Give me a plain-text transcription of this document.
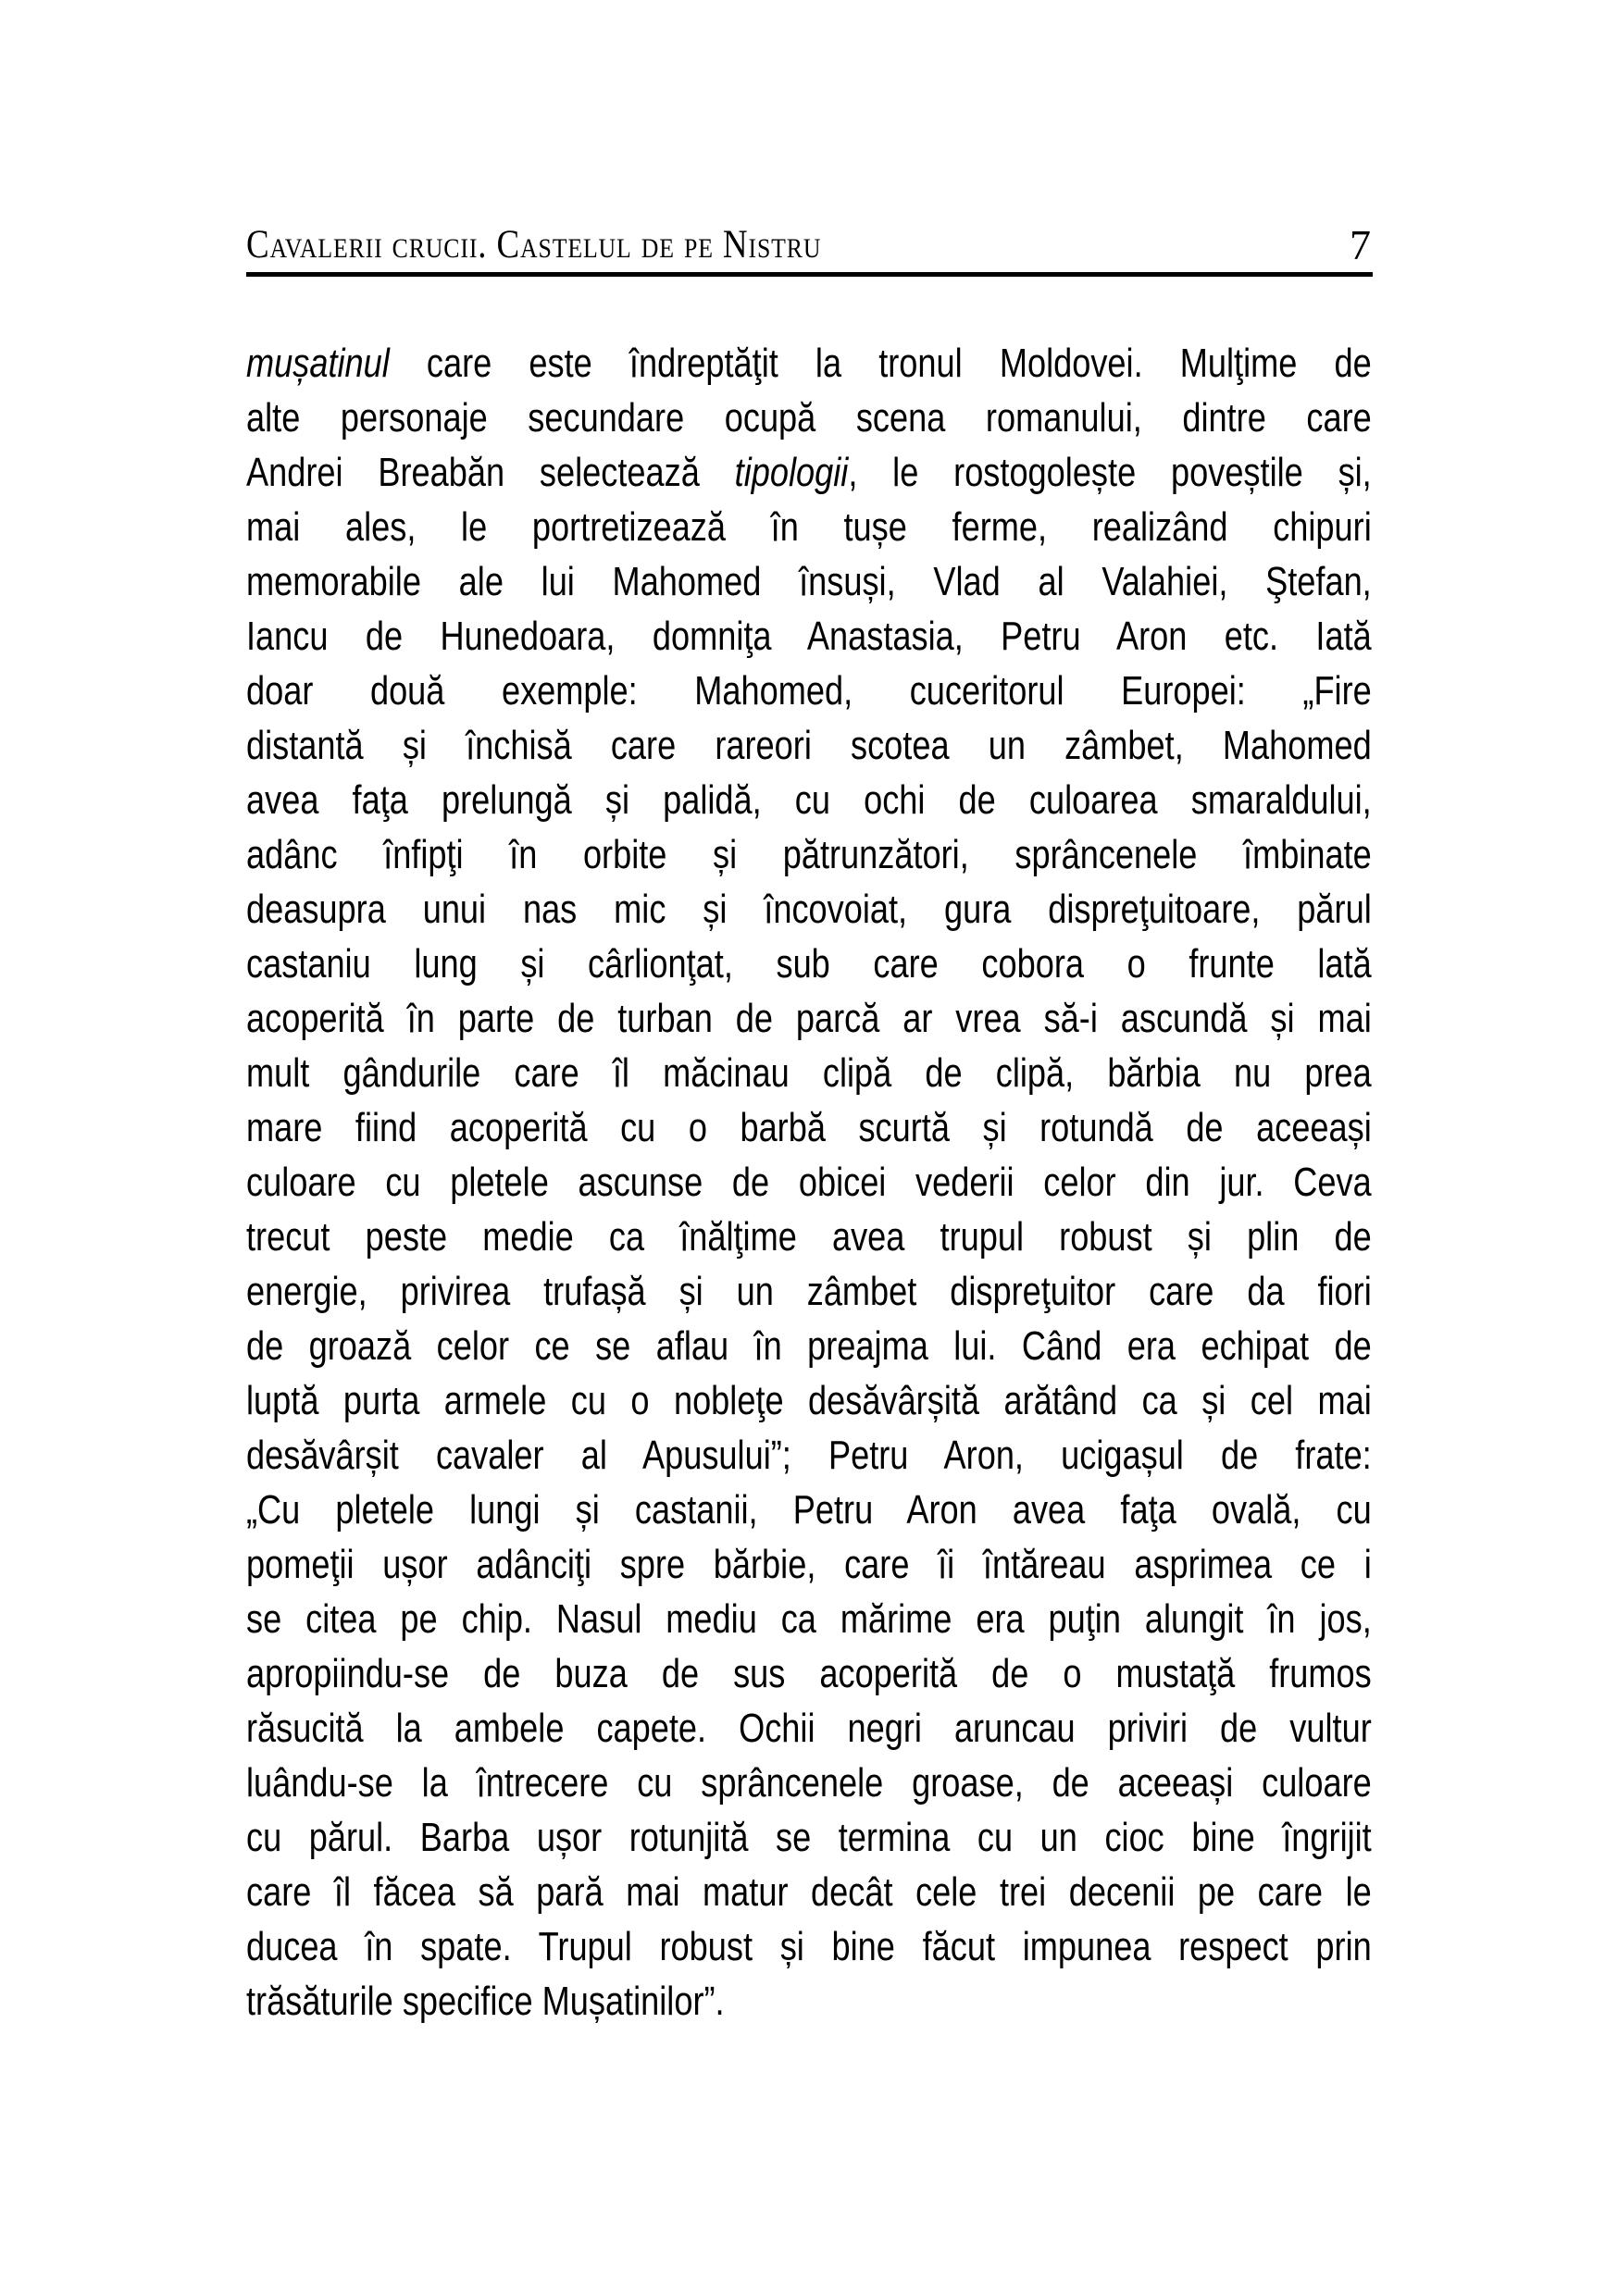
Cavalerii crucii. Castelul de pe Nistru	7
mușatinul care este îndreptăţit la tronul Moldovei. Mulţime de
alte personaje secundare ocupă scena romanului, dintre care
Andrei Breabăn selectează tipologii, le rostogolește poveștile și,
mai ales, le portretizează în tușe ferme, realizând chipuri
memorabile ale lui Mahomed însuși, Vlad al Valahiei, Ştefan,
Iancu de Hunedoara, domniţa Anastasia, Petru Aron etc. Iată
doar două exemple: Mahomed, cuceritorul Europei: „Fire
distantă și închisă care rareori scotea un zâmbet, Mahomed
avea faţa prelungă și palidă, cu ochi de culoarea smaraldului,
adânc înfipţi în orbite și pătrunzători, sprâncenele îmbinate
deasupra unui nas mic și încovoiat, gura dispreţuitoare, părul
castaniu lung și cârlionţat, sub care cobora o frunte lată
acoperită în parte de turban de parcă ar vrea să-i ascundă și mai
mult gândurile care îl măcinau clipă de clipă, bărbia nu prea
mare fiind acoperită cu o barbă scurtă și rotundă de aceeași
culoare cu pletele ascunse de obicei vederii celor din jur. Ceva
trecut peste medie ca înălţime avea trupul robust și plin de
energie, privirea trufașă și un zâmbet dispreţuitor care da fiori
de groază celor ce se aflau în preajma lui. Când era echipat de
luptă purta armele cu o nobleţe desăvârșită arătând ca și cel mai
desăvârșit cavaler al Apusului”; Petru Aron, ucigașul de frate:
„Cu pletele lungi și castanii, Petru Aron avea faţa ovală, cu
pomeţii ușor adânciţi spre bărbie, care îi întăreau asprimea ce i
se citea pe chip. Nasul mediu ca mărime era puţin alungit în jos,
apropiindu-se de buza de sus acoperită de o mustaţă frumos
răsucită la ambele capete. Ochii negri aruncau priviri de vultur
luându-se la întrecere cu sprâncenele groase, de aceeași culoare
cu părul. Barba ușor rotunjită se termina cu un cioc bine îngrijit
care îl făcea să pară mai matur decât cele trei decenii pe care le
ducea în spate. Trupul robust și bine făcut impunea respect prin
trăsăturile specifice Mușatinilor”.
